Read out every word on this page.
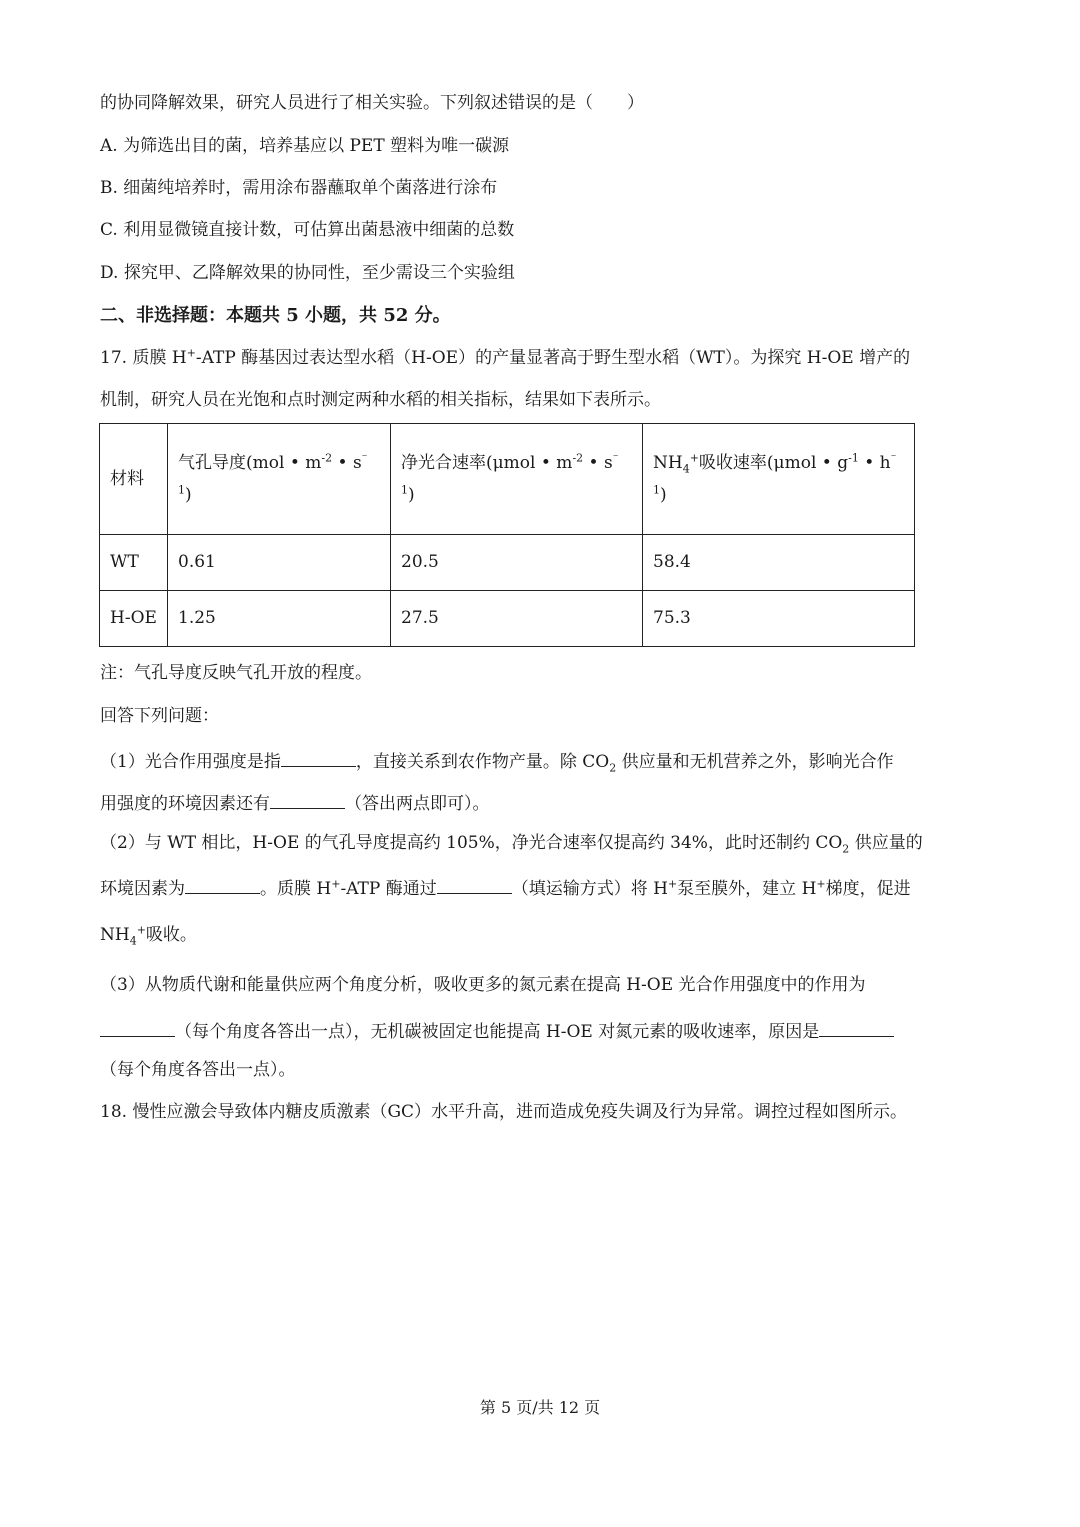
的协同降解效果，研究人员进行了相关实验。下列叙述错误的是（　　）
A. 为筛选出目的菌，培养基应以 PET 塑料为唯一碳源
B. 细菌纯培养时，需用涂布器蘸取单个菌落进行涂布
C. 利用显微镜直接计数，可估算出菌悬液中细菌的总数
D. 探究甲、乙降解效果的协同性，至少需设三个实验组
二、非选择题：本题共 5 小题，共 52 分。
17. 质膜 H+-ATP 酶基因过表达型水稻（H-OE）的产量显著高于野生型水稻（WT）。为探究 H-OE 增产的
机制，研究人员在光饱和点时测定两种水稻的相关指标，结果如下表所示。
材料	气孔导度(mol • $m^{-2}$ • s⁻
$^1$)	净光合速率(μmol • $m^{-2}$ • s⁻
$^1$)	$NH_4^+$吸收速率(μmol • $g^{-1}$ • h⁻
$^1$)
WT	0.61	20.5	58.4
H-OE	1.25	27.5	75.3
注：气孔导度反映气孔开放的程度。
回答下列问题：
（1）光合作用强度是指	，直接关系到农作物产量。除 $CO_2$ 供应量和无机营养之外，影响光合作
用强度的环境因素还有	（答出两点即可）。
（2）与 WT 相比，H-OE 的气孔导度提高约 105%，净光合速率仅提高约 34%，此时还制约 $CO_2$ 供应量的
环境因素为	。质膜 H+-ATP 酶通过	（填运输方式）将 H+泵至膜外，建立 H+梯度，促进
$NH_4^+$吸收。
（3）从物质代谢和能量供应两个角度分析，吸收更多的氮元素在提高 H-OE 光合作用强度中的作用为
（每个角度各答出一点），无机碳被固定也能提高 H-OE 对氮元素的吸收速率，原因是
（每个角度各答出一点）。
18. 慢性应激会导致体内糖皮质激素（GC）水平升高，进而造成免疫失调及行为异常。调控过程如图所示。
第 5 页/共 12 页
